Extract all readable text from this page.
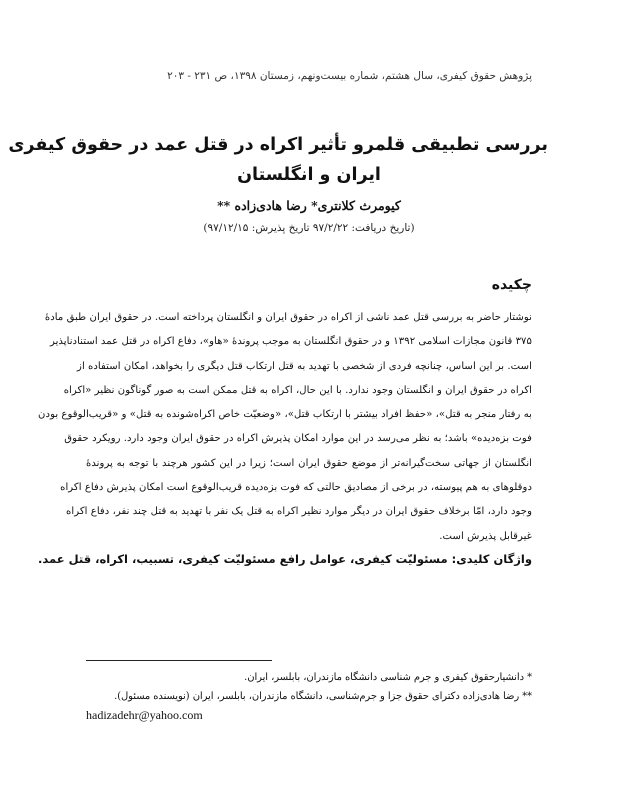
پژوهش حقوق کیفری، سال هشتم، شماره بیست‌ونهم، زمستان ۱۳۹۸، ص ۲۳۱ - ۲۰۳
بررسی تطبیقی قلمرو تأثیر اکراه در قتل عمد در حقوق کیفری
ایران و انگلستان
کیومرث کلانتری* رضا هادی‌زاده **
(تاریخ دریافت: ۹۷/۲/۲۲ تاریخ پذیرش: ۹۷/۱۲/۱۵)
چکیده
نوشتار حاضر به بررسی قتل عمد ناشی از اکراه در حقوق ایران و انگلستان پرداخته است. در حقوق ایران طبق مادۀ
۳۷۵ قانون مجازات اسلامی ۱۳۹۲ و در حقوق انگلستان به موجب پروندۀ «هاو»، دفاع اکراه در قتل عمد استنادناپذیر
است. بر این اساس، چنانچه فردی از شخصی با تهدید به قتل ارتکاب قتل دیگری را بخواهد، امکان استفاده از
اکراه در حقوق ایران و انگلستان وجود ندارد. با این حال، اکراه به قتل ممکن است به صور گوناگون نظیر «اکراه
به رفتار منجر به قتل»، «حفظ افراد بیشتر با ارتکاب قتل»، «وضعیّت خاص اکراه‌شونده به قتل» و «قریب‌الوقوع بودن
فوت بزه‌دیده» باشد؛ به نظر می‌رسد در این موارد امکان پذیرش اکراه در حقوق ایران وجود دارد. رویکرد حقوق
انگلستان از جهاتی سخت‌گیرانه‌تر از موضع حقوق ایران است؛ زیرا در این کشور هرچند با توجه به پروندۀ
دوقلوهای به هم پیوسته، در برخی از مصادیق حالتی که فوت بزه‌دیده قریب‌الوقوع است امکان پذیرش دفاع اکراه
وجود دارد، امّا برخلاف حقوق ایران در دیگر موارد نظیر اکراه به قتل یک نفر با تهدید به قتل چند نفر، دفاع اکراه
غیرقابل پذیرش است.
واژگان کلیدی: مسئولیّت کیفری، عوامل رافع مسئولیّت کیفری، تسبیب، اکراه، قتل عمد.
* دانشیارحقوق کیفری و جرم شناسی دانشگاه مازندران، بابلسر، ایران.
** رضا هادی‌زاده دکترای حقوق جزا و جرم‌شناسی، دانشگاه مازندران، بابلسر، ایران (نویسنده مسئول).
hadizadehr@yahoo.com
